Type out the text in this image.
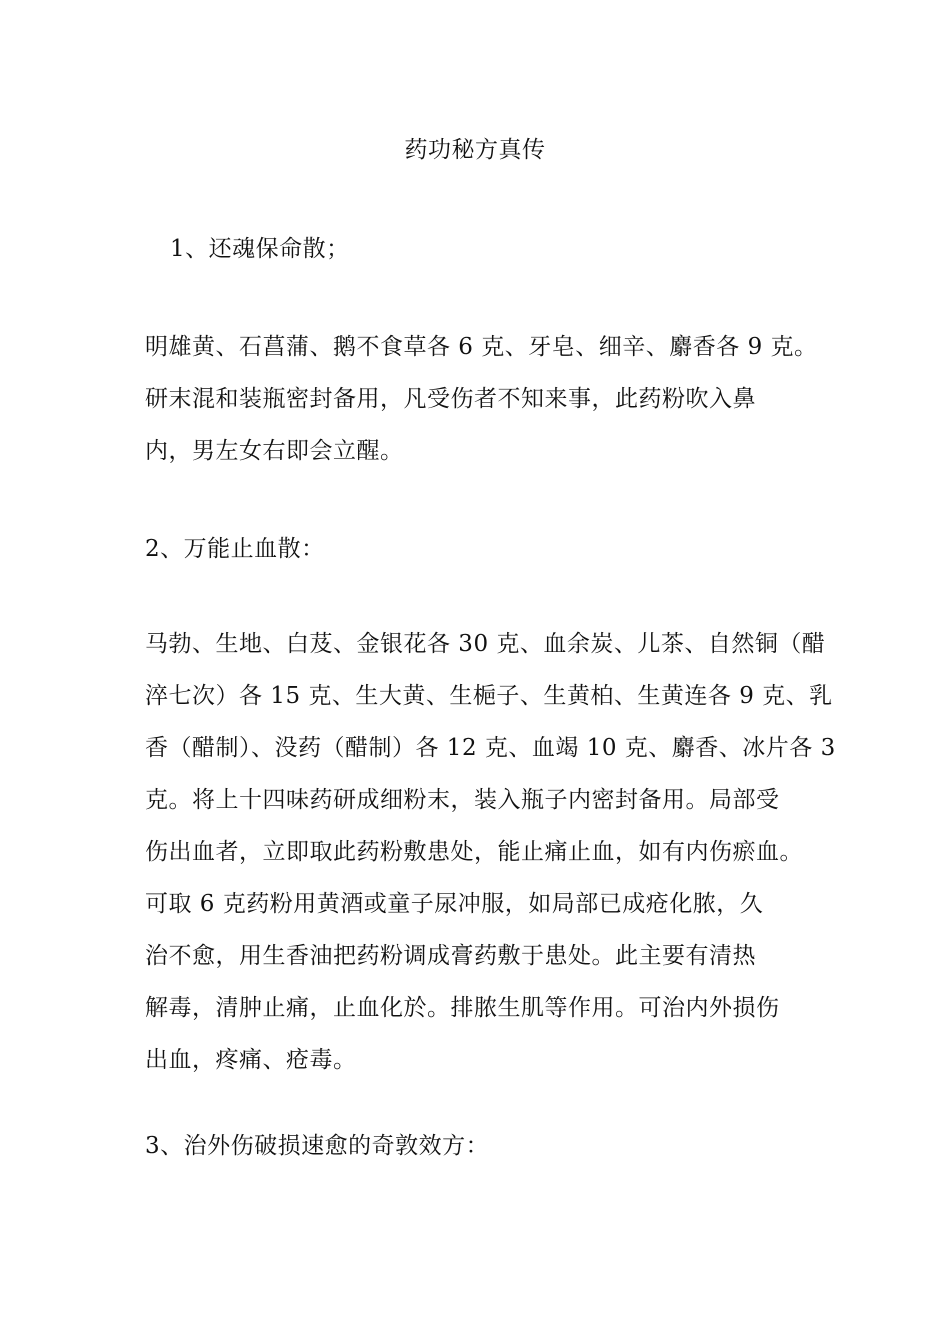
药功秘方真传
1、还魂保命散；
明雄黄、石菖蒲、鹅不食草各 6 克、牙皂、细辛、麝香各 9 克。
研末混和装瓶密封备用，凡受伤者不知来事，此药粉吹入鼻
内，男左女右即会立醒。
2、万能止血散：
马勃、生地、白芨、金银花各 30 克、血余炭、儿茶、自然铜（醋
淬七次）各 15 克、生大黄、生梔子、生黄柏、生黄连各 9 克、乳
香（醋制）、没药（醋制）各 12 克、血竭 10 克、麝香、冰片各 3
克。将上十四味药研成细粉末，装入瓶子内密封备用。局部受
伤出血者，立即取此药粉敷患处，能止痛止血，如有内伤瘀血。
可取 6 克药粉用黄酒或童子尿冲服，如局部已成疮化脓，久
治不愈，用生香油把药粉调成膏药敷于患处。此主要有清热
解毒，清肿止痛，止血化於。排脓生肌等作用。可治内外损伤
出血，疼痛、疮毒。
3、治外伤破损速愈的奇敦效方：
